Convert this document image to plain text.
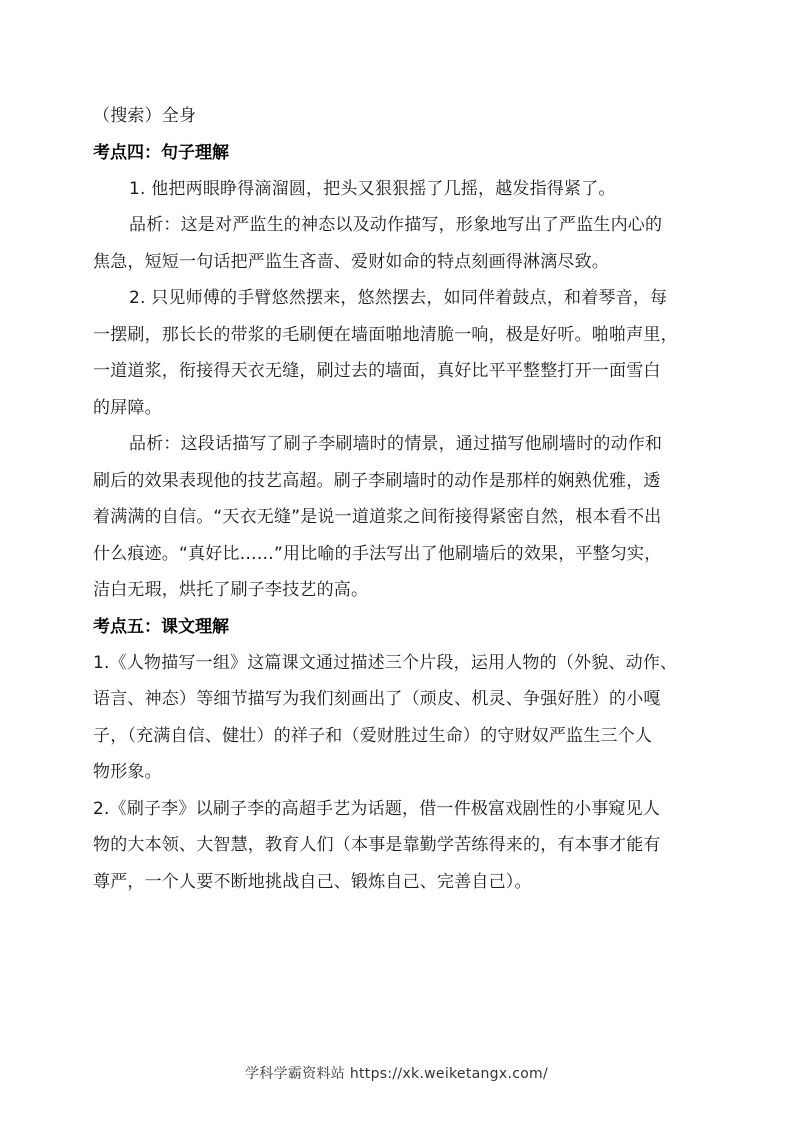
（搜索）全身
考点四：句子理解
1. 他把两眼睁得滴溜圆，把头又狠狠摇了几摇，越发指得紧了。
品析：这是对严监生的神态以及动作描写，形象地写出了严监生内心的
焦急，短短一句话把严监生吝啬、爱财如命的特点刻画得淋漓尽致。
2. 只见师傅的手臂悠然摆来，悠然摆去，如同伴着鼓点，和着琴音，每
一摆刷，那长长的带浆的毛刷便在墙面啪地清脆一响，极是好听。啪啪声里，
一道道浆，衔接得天衣无缝，刷过去的墙面，真好比平平整整打开一面雪白
的屏障。
品析：这段话描写了刷子李刷墙时的情景，通过描写他刷墙时的动作和
刷后的效果表现他的技艺高超。刷子李刷墙时的动作是那样的娴熟优雅，透
着满满的自信。“天衣无缝”是说一道道浆之间衔接得紧密自然，根本看不出
什么痕迹。“真好比……”用比喻的手法写出了他刷墙后的效果，平整匀实，
洁白无瑕，烘托了刷子李技艺的高。
考点五：课文理解
1.《人物描写一组》这篇课文通过描述三个片段，运用人物的（外貌、动作、
语言、神态）等细节描写为我们刻画出了（顽皮、机灵、争强好胜）的小嘎
子，（充满自信、健壮）的祥子和（爱财胜过生命）的守财奴严监生三个人
物形象。
2.《刷子李》以刷子李的高超手艺为话题，借一件极富戏剧性的小事窥见人
物的大本领、大智慧，教育人们（本事是靠勤学苦练得来的，有本事才能有
尊严，一个人要不断地挑战自己、锻炼自己、完善自己）。
学科学霸资料站 https://xk.weiketangx.com/
